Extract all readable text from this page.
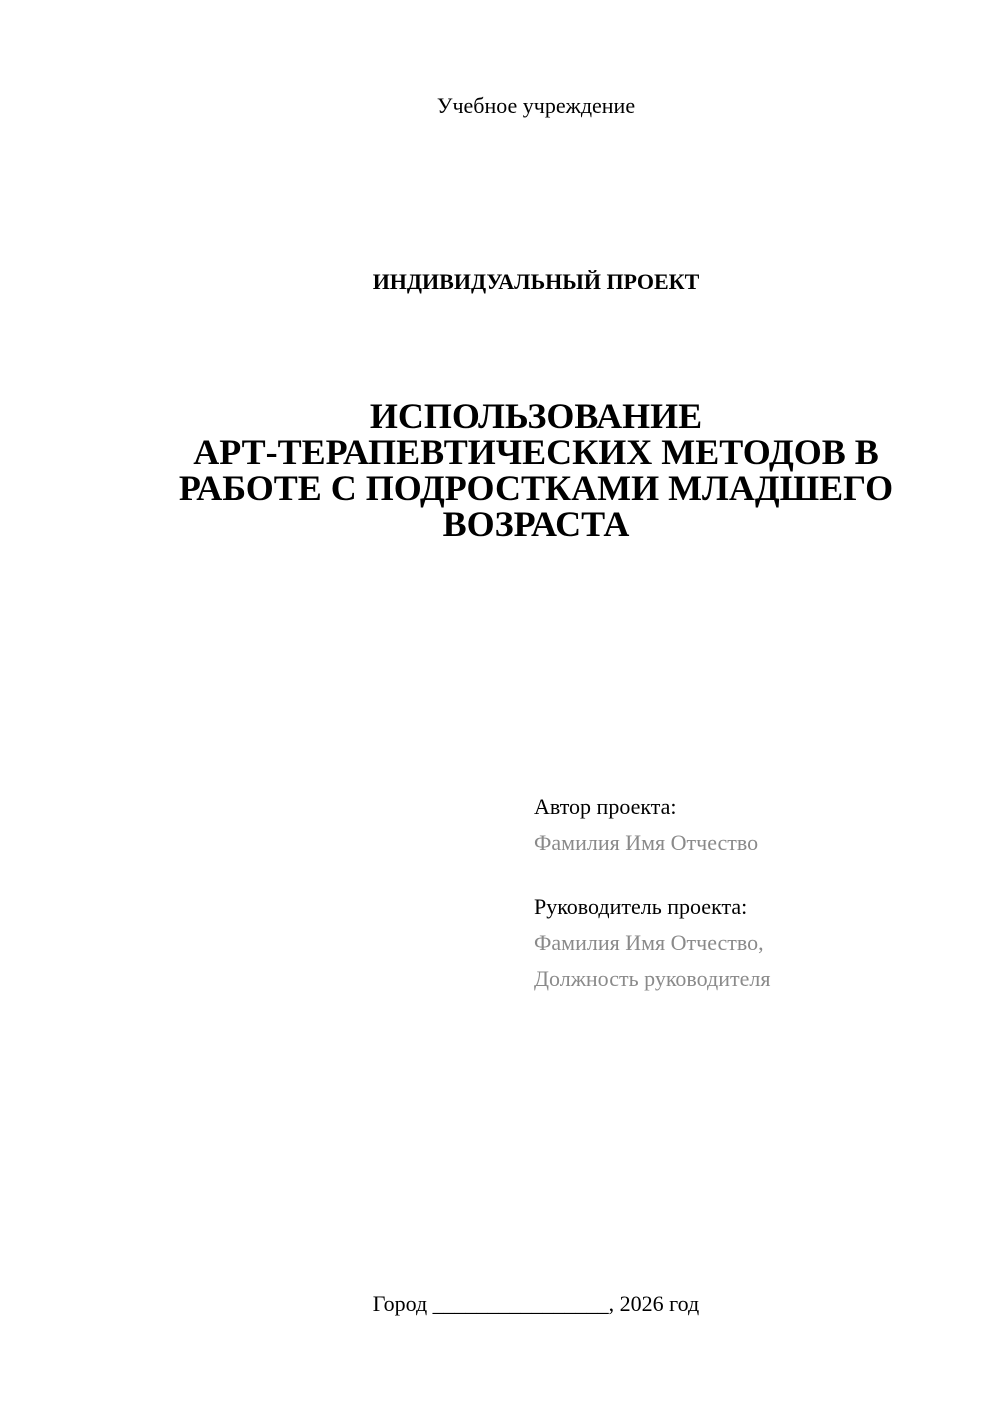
Учебное учреждение
ИНДИВИДУАЛЬНЫЙ ПРОЕКТ
ИСПОЛЬЗОВАНИЕ
АРТ-ТЕРАПЕВТИЧЕСКИХ МЕТОДОВ В
РАБОТЕ С ПОДРОСТКАМИ МЛАДШЕГО
ВОЗРАСТА
Автор проекта:
Фамилия Имя Отчество
Руководитель проекта:
Фамилия Имя Отчество,
Должность руководителя
Город ________________, 2026 год
